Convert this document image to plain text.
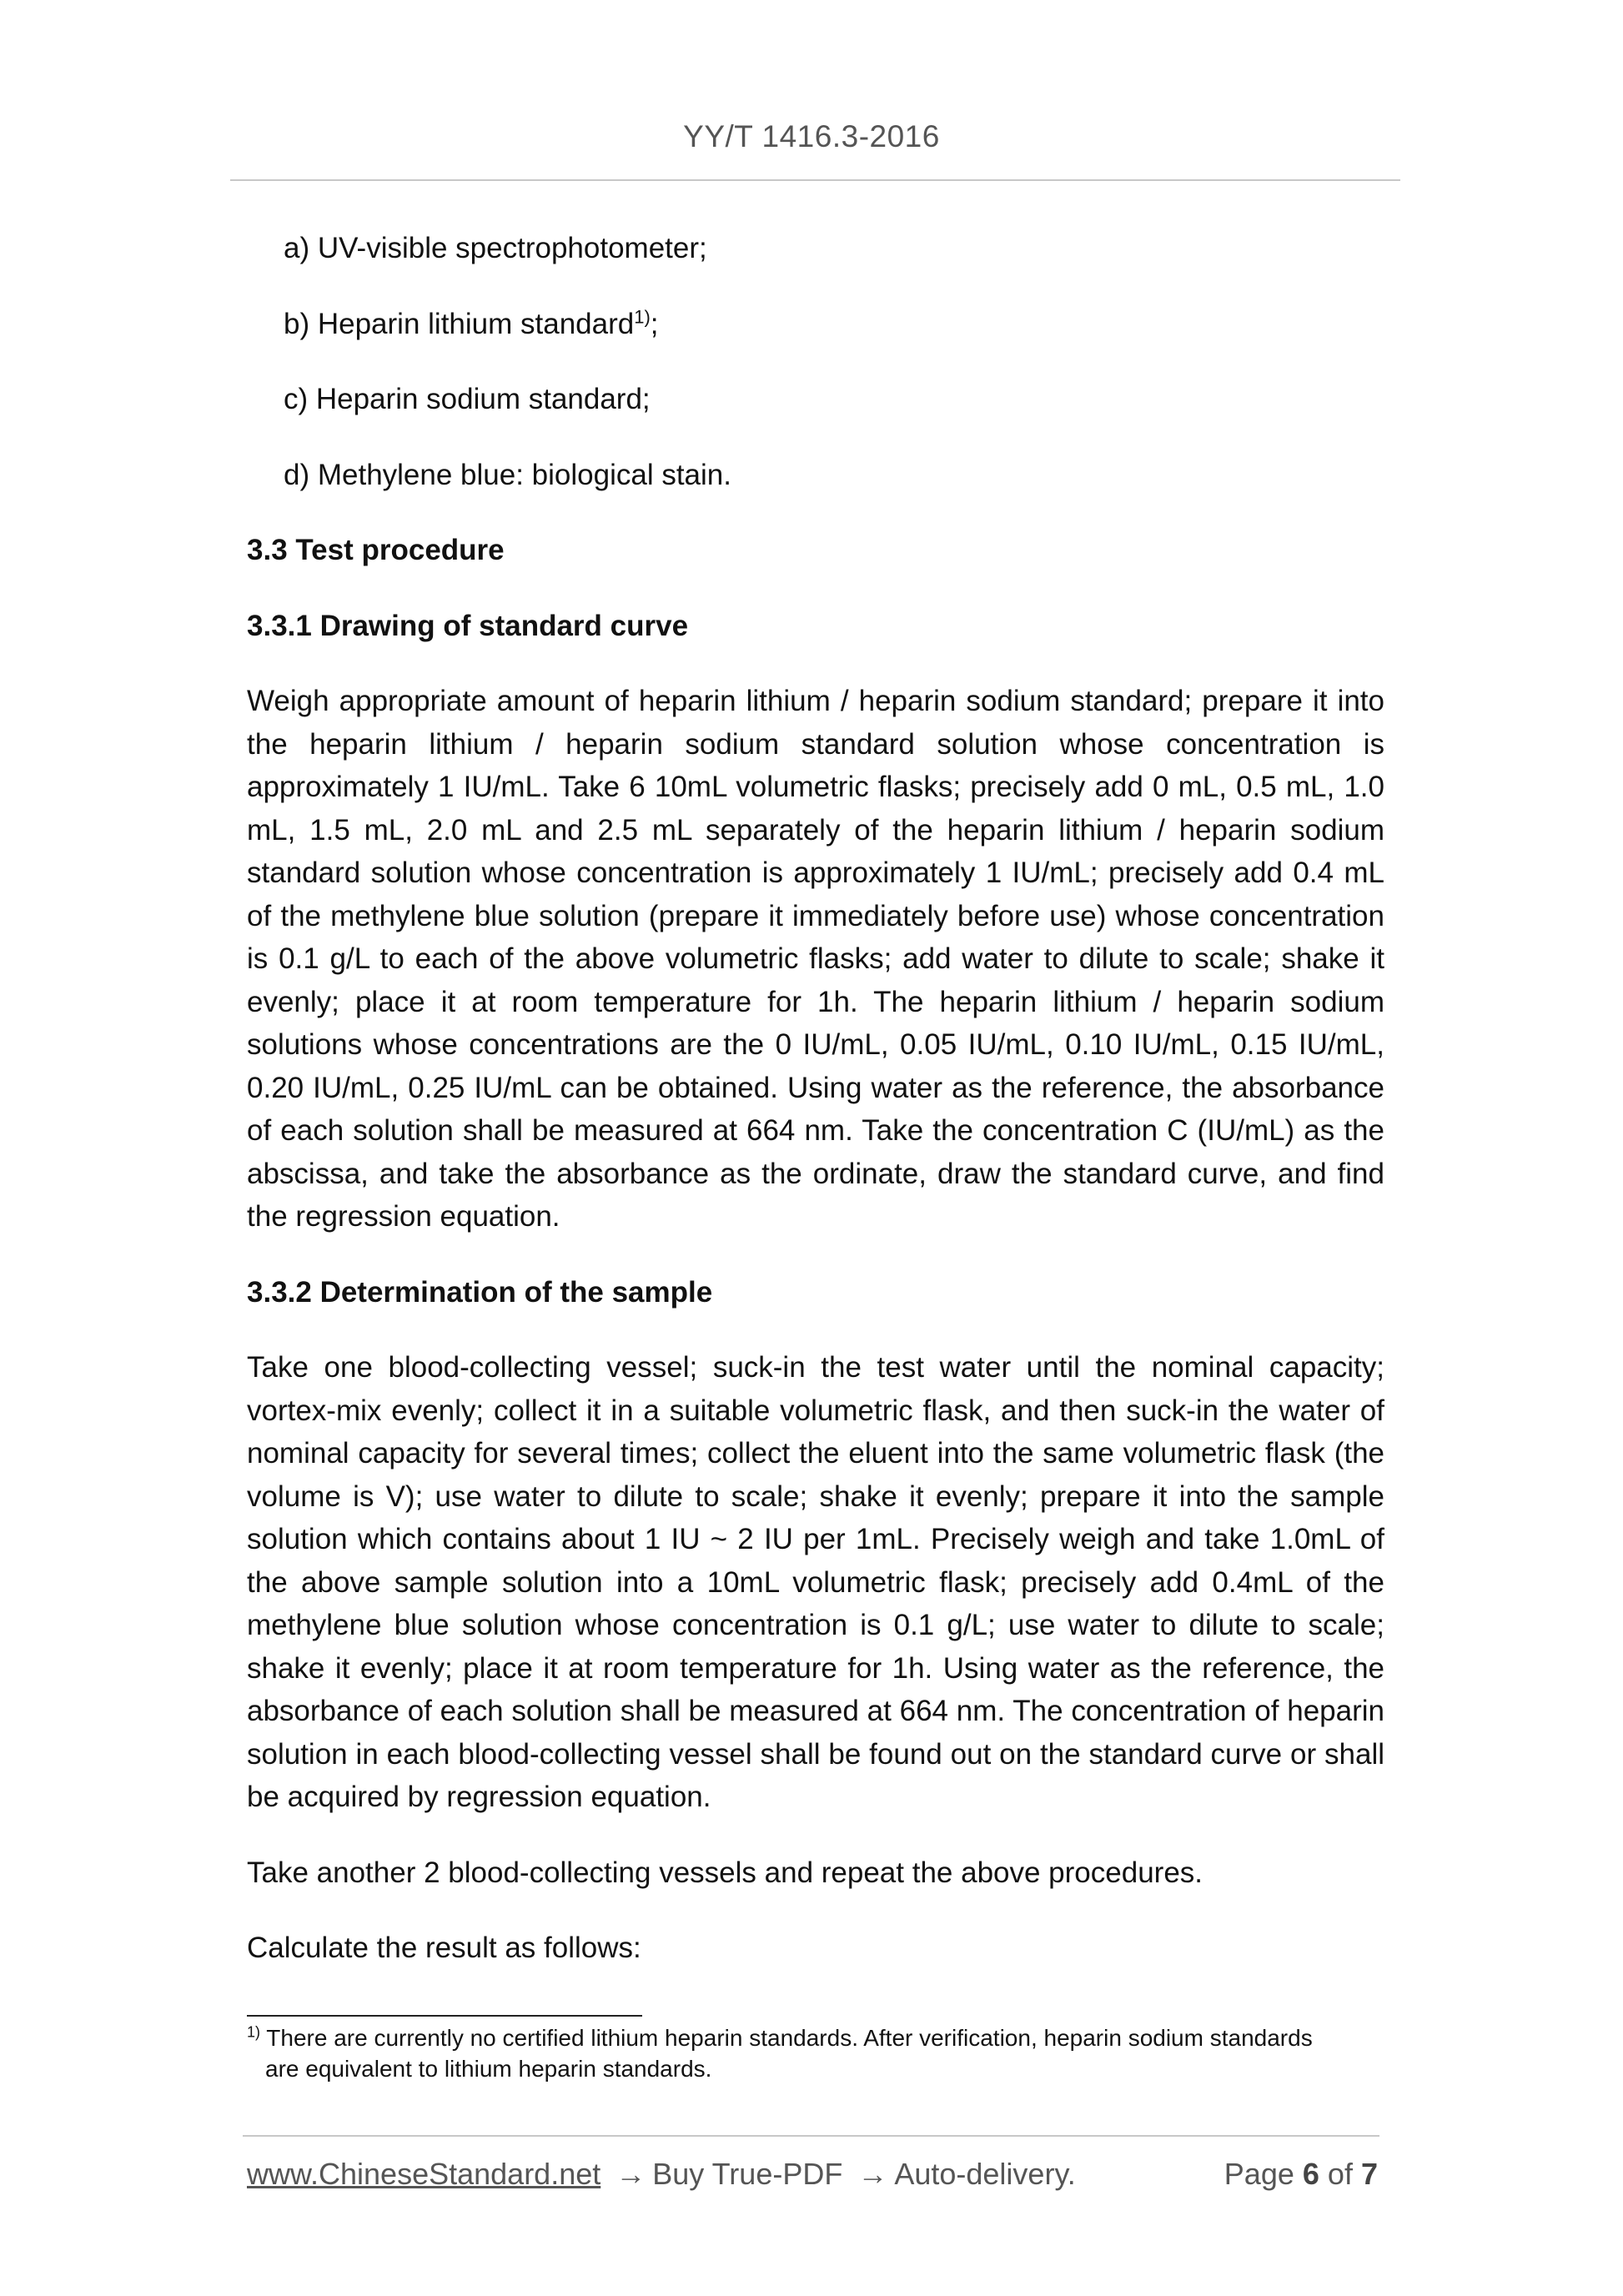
YY/T 1416.3-2016
a) UV-visible spectrophotometer;
b) Heparin lithium standard$^{1)}$;
c) Heparin sodium standard;
d) Methylene blue: biological stain.
3.3 Test procedure
3.3.1 Drawing of standard curve
Weigh appropriate amount of heparin lithium / heparin sodium standard; prepare it into the heparin lithium / heparin sodium standard solution whose concentration is approximately 1 IU/mL. Take 6 10mL volumetric flasks; precisely add 0 mL, 0.5 mL, 1.0 mL, 1.5 mL, 2.0 mL and 2.5 mL separately of the heparin lithium / heparin sodium standard solution whose concentration is approximately 1 IU/mL; precisely add 0.4 mL of the methylene blue solution (prepare it immediately before use) whose concentration is 0.1 g/L to each of the above volumetric flasks; add water to dilute to scale; shake it evenly; place it at room temperature for 1h. The heparin lithium / heparin sodium solutions whose concentrations are the 0 IU/mL, 0.05 IU/mL, 0.10 IU/mL, 0.15 IU/mL, 0.20 IU/mL, 0.25 IU/mL can be obtained. Using water as the reference, the absorbance of each solution shall be measured at 664 nm. Take the concentration C (IU/mL) as the abscissa, and take the absorbance as the ordinate, draw the standard curve, and find the regression equation.
3.3.2 Determination of the sample
Take one blood-collecting vessel; suck-in the test water until the nominal capacity; vortex-mix evenly; collect it in a suitable volumetric flask, and then suck-in the water of nominal capacity for several times; collect the eluent into the same volumetric flask (the volume is V); use water to dilute to scale; shake it evenly; prepare it into the sample solution which contains about 1 IU ~ 2 IU per 1mL. Precisely weigh and take 1.0mL of the above sample solution into a 10mL volumetric flask; precisely add 0.4mL of the methylene blue solution whose concentration is 0.1 g/L; use water to dilute to scale; shake it evenly; place it at room temperature for 1h. Using water as the reference, the absorbance of each solution shall be measured at 664 nm. The concentration of heparin solution in each blood-collecting vessel shall be found out on the standard curve or shall be acquired by regression equation.
Take another 2 blood-collecting vessels and repeat the above procedures.
Calculate the result as follows:
$^{1)}$ There are currently no certified lithium heparin standards. After verification, heparin sodium standards
are equivalent to lithium heparin standards.
www.ChineseStandard.net → Buy True-PDF → Auto-delivery.	Page 6 of 7
